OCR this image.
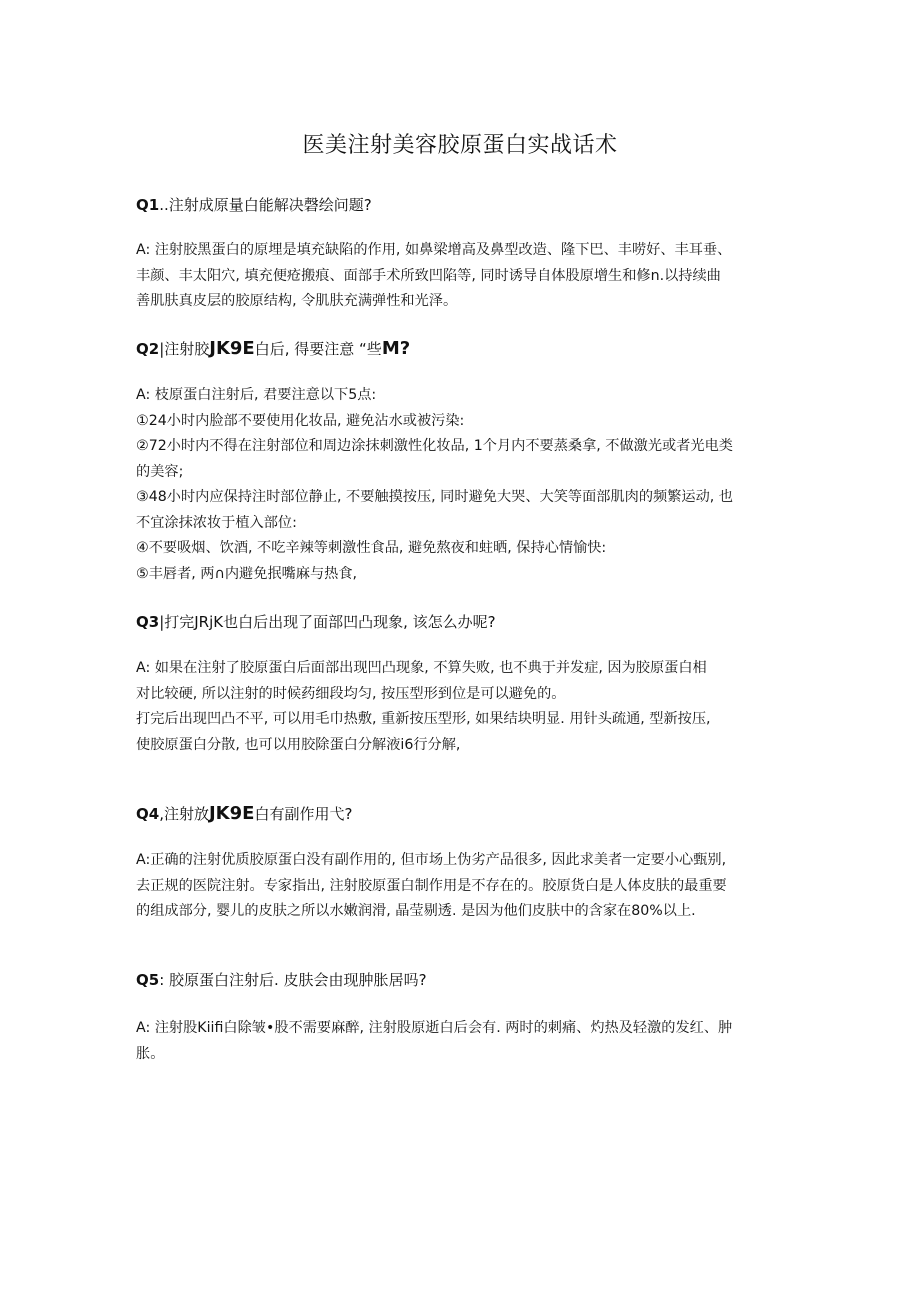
医美注射美容胶原蛋白实战话术
Q1..注射成原量白能解决磬绘问题?
A: 注射胶黑蛋白的原埋是填充缺陷的作用, 如鼻梁增高及鼻型改造、隆下巴、丰唠好、丰耳垂、
丰颜、丰太阳穴, 填充便疮搬痕、面部手术所致凹陷等, 同时诱导自体股原增生和修n.以持续曲
善肌肤真皮层的胶原结构, 令肌肤充满弹性和光泽。
Q2|注射胶JK9E白后, 得要注意 “些M?
A: 枝原蛋白注射后, 君要注意以下5点:
①24小时内脸部不要使用化妆品, 避免沾水或被污染:
②72小时内不得在注射部位和周边涂抹刺激性化妆品, 1个月内不要蒸桑拿, 不做激光或者光电类
的美容;
③48小时内应保持注时部位静止, 不要触摸按压, 同时避免大哭、大笑等面部肌肉的频繁运动, 也
不宜涂抹浓妆于植入部位:
④不要吸烟、饮酒, 不吃辛辣等刺激性食品, 避免熬夜和蛀晒, 保持心情愉快:
⑤丰唇者, 两∩内避免抿嘴麻与热食,
Q3|打完JRjK也白后出现了面部凹凸现象, 该怎么办呢?
A: 如果在注射了胶原蛋白后面部出现凹凸现象, 不算失败, 也不典于并发症, 因为胶原蛋白相
对比较硬, 所以注射的时候药细段均匀, 按压型形到位是可以避免的。
打完后出现凹凸不平, 可以用毛巾热敷, 重新按压型形, 如果结块明显. 用针头疏通, 型新按压,
使胶原蛋白分散, 也可以用胶除蛋白分解液i6行分解,
Q4,注射放JK9E白有副作用弋?
A:正确的注射优质胶原蛋白没有副作用的, 但市场上伪劣产品很多, 因此求美者一定要小心甄别,
去正规的医院注射。专家指出, 注射胶原蛋白制作用是不存在的。胶原货白是人体皮肤的最重要
的组成部分, 婴儿的皮肤之所以水嫩润滑, 晶莹剔透. 是因为他们皮肤中的含家在80%以上.
Q5: 胶原蛋白注射后. 皮肤会由现肿胀居吗?
A: 注射股Kiifi白除皱•股不需要麻醉, 注射股原逝白后会有. 两时的刺痛、灼热及轻激的发红、肿
胀。
